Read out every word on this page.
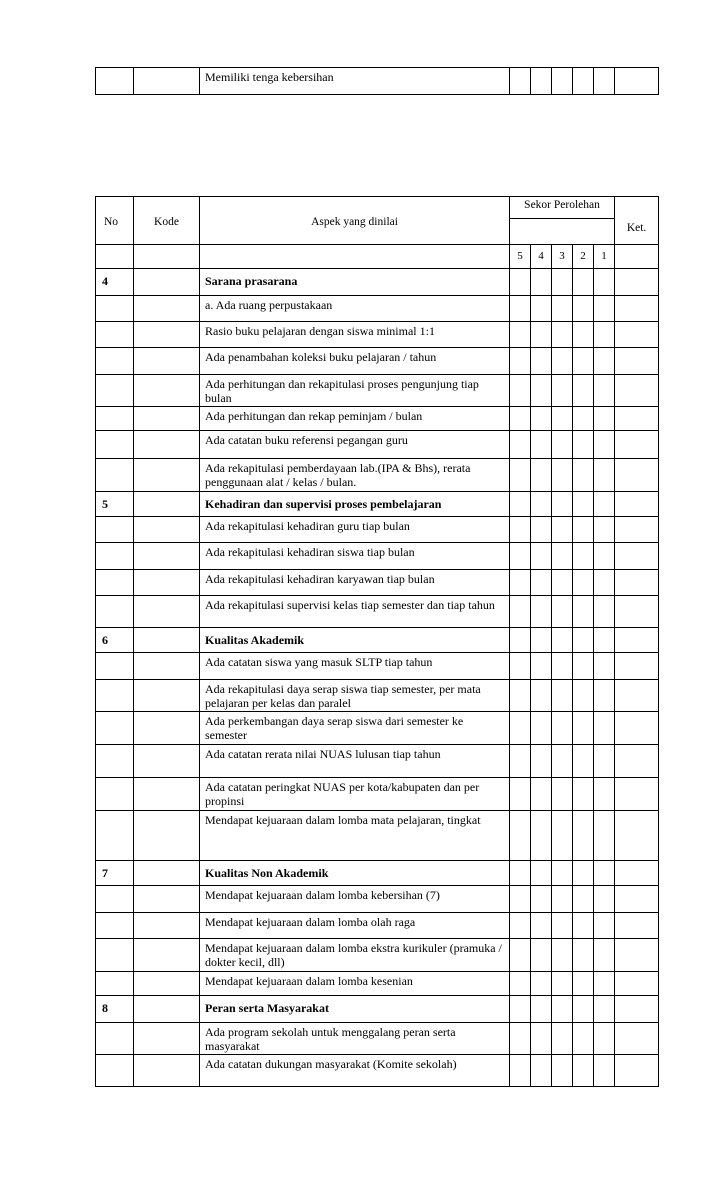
		Memiliki tenga kebersihan						
No	Kode	Aspek yang dinilai	Sekor Perolehan					Ket.

			5	4	3	2	1	
4		Sarana prasarana						
		a. Ada ruang perpustakaan						
		Rasio buku pelajaran dengan siswa minimal 1:1						
		Ada penambahan koleksi buku pelajaran / tahun						
		Ada perhitungan dan rekapitulasi proses pengunjung tiap bulan						
		Ada perhitungan dan rekap peminjam / bulan						
		Ada catatan buku referensi pegangan guru						
		Ada rekapitulasi pemberdayaan lab.(IPA & Bhs), rerata penggunaan alat / kelas / bulan.						
5		Kehadiran dan supervisi proses pembelajaran						
		Ada rekapitulasi kehadiran guru tiap bulan						
		Ada rekapitulasi kehadiran siswa tiap bulan						
		Ada rekapitulasi kehadiran karyawan tiap bulan						
		Ada rekapitulasi supervisi kelas tiap semester dan tiap tahun						
6		Kualitas Akademik						
		Ada catatan siswa yang masuk SLTP tiap tahun						
		Ada rekapitulasi daya serap siswa tiap semester, per mata pelajaran per kelas dan paralel						
		Ada perkembangan daya serap siswa dari semester ke semester						
		Ada catatan rerata nilai NUAS lulusan tiap tahun						
		Ada catatan peringkat NUAS per kota/kabupaten dan per propinsi						
		Mendapat kejuaraan dalam lomba mata pelajaran, tingkat						
7		Kualitas Non Akademik						
		Mendapat kejuaraan dalam lomba kebersihan (7)						
		Mendapat kejuaraan dalam lomba olah raga						
		Mendapat kejuaraan dalam lomba ekstra kurikuler (pramuka / dokter kecil, dll)						
		Mendapat kejuaraan dalam lomba kesenian						
8		Peran serta Masyarakat						
		Ada program sekolah untuk menggalang peran serta masyarakat						
		Ada catatan dukungan masyarakat (Komite sekolah)						
